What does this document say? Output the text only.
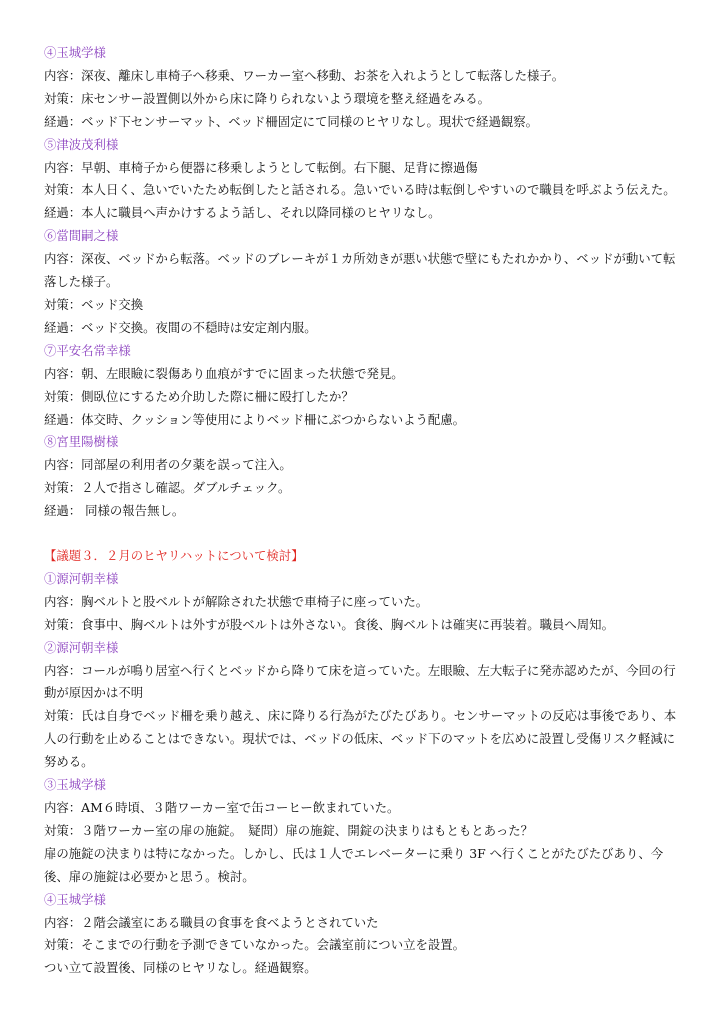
④玉城学様
内容：深夜、離床し車椅子へ移乗、ワーカー室へ移動、お茶を入れようとして転落した様子。
対策：床センサー設置側以外から床に降りられないよう環境を整え経過をみる。
経過：ベッド下センサーマット、ベッド柵固定にて同様のヒヤリなし。現状で経過観察。
⑤津波茂利様
内容：早朝、車椅子から便器に移乗しようとして転倒。右下腿、足背に擦過傷
対策：本人日く、急いでいたため転倒したと話される。急いでいる時は転倒しやすいので職員を呼ぶよう伝えた。
経過：本人に職員へ声かけするよう話し、それ以降同様のヒヤリなし。
⑥當間嗣之様
内容：深夜、ベッドから転落。ベッドのブレーキが１カ所効きが悪い状態で壁にもたれかかり、ベッドが動いて転落した様子。
対策：ベッド交換
経過：ベッド交換。夜間の不穏時は安定剤内服。
⑦平安名常幸様
内容：朝、左眼瞼に裂傷あり血痕がすでに固まった状態で発見。
対策：側臥位にするため介助した際に柵に殴打したか？
経過：体交時、クッション等使用によりベッド柵にぶつからないよう配慮。
⑧宮里陽樹様
内容：同部屋の利用者の夕薬を誤って注入。
対策：２人で指さし確認。ダブルチェック。
経過： 同様の報告無し。
【議題３．２月のヒヤリハットについて検討】
①源河朝幸様
内容：胸ベルトと股ベルトが解除された状態で車椅子に座っていた。
対策：食事中、胸ベルトは外すが股ベルトは外さない。食後、胸ベルトは確実に再装着。職員へ周知。
②源河朝幸様
内容：コールが鳴り居室へ行くとベッドから降りて床を這っていた。左眼瞼、左大転子に発赤認めたが、今回の行動が原因かは不明
対策：氏は自身でベッド柵を乗り越え、床に降りる行為がたびたびあり。センサーマットの反応は事後であり、本人の行動を止めることはできない。現状では、ベッドの低床、ベッド下のマットを広めに設置し受傷リスク軽減に努める。
③玉城学様
内容：AM６時頃、３階ワーカー室で缶コーヒー飲まれていた。
対策：３階ワーカー室の扉の施錠。　疑問）扉の施錠、開錠の決まりはもともとあった？
扉の施錠の決まりは特になかった。しかし、氏は１人でエレベーターに乗り 3F へ行くことがたびたびあり、今後、扉の施錠は必要かと思う。検討。
④玉城学様
内容：２階会議室にある職員の食事を食べようとされていた
対策：そこまでの行動を予測できていなかった。会議室前につい立を設置。
つい立て設置後、同様のヒヤリなし。経過観察。
